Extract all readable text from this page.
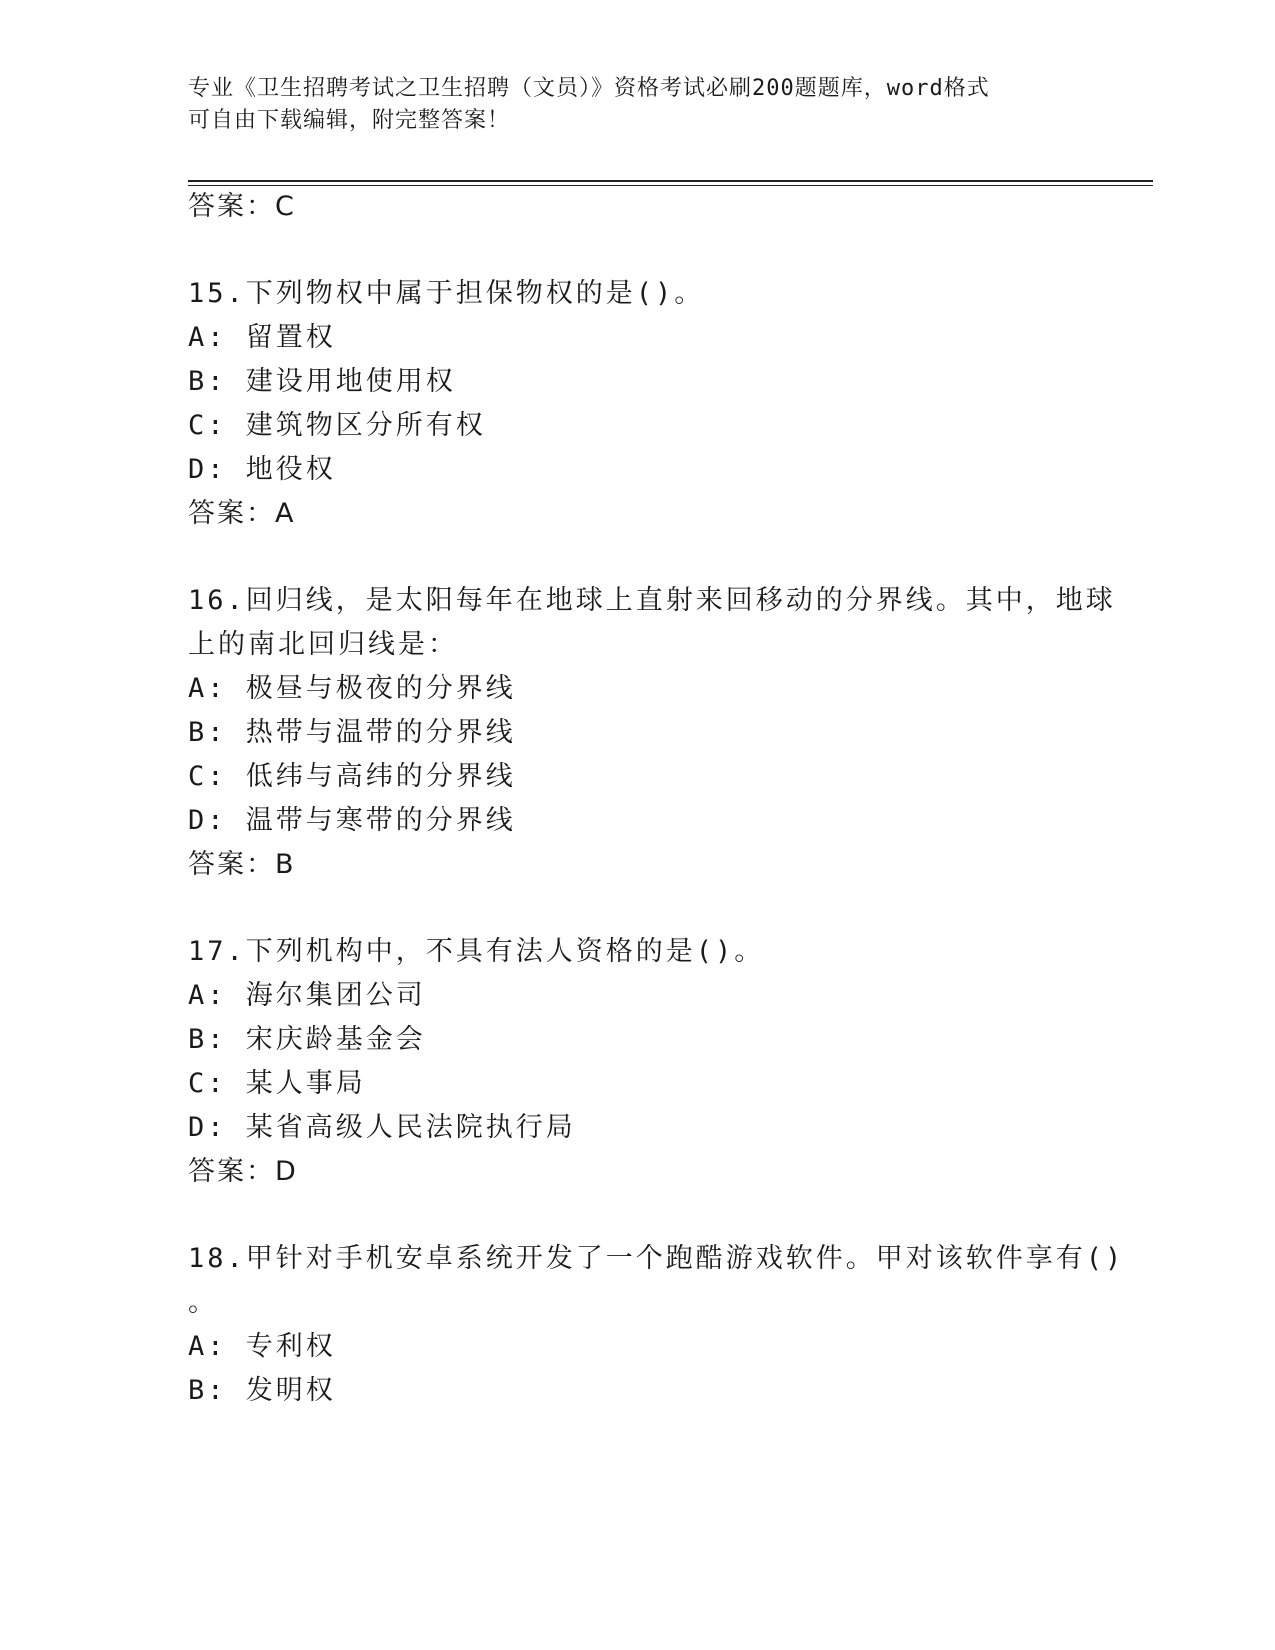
专业《卫生招聘考试之卫生招聘（文员）》资格考试必刷200题题库，word格式
可自由下载编辑，附完整答案！
答案：C
15.下列物权中属于担保物权的是()。
A: 留置权
B: 建设用地使用权
C: 建筑物区分所有权
D: 地役权
答案：A
16.回归线，是太阳每年在地球上直射来回移动的分界线。其中，地球
上的南北回归线是：
A: 极昼与极夜的分界线
B: 热带与温带的分界线
C: 低纬与高纬的分界线
D: 温带与寒带的分界线
答案：B
17.下列机构中，不具有法人资格的是()。
A: 海尔集团公司
B: 宋庆龄基金会
C: 某人事局
D: 某省高级人民法院执行局
答案：D
18.甲针对手机安卓系统开发了一个跑酷游戏软件。甲对该软件享有()
。
A: 专利权
B: 发明权
